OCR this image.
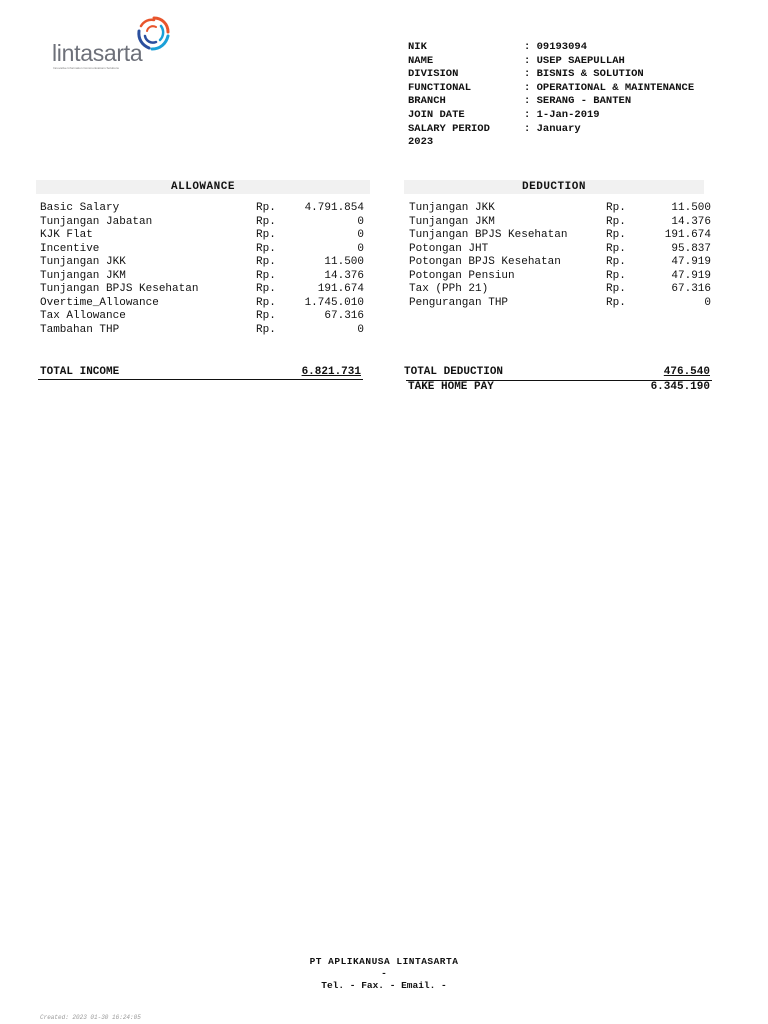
lintasarta
Innovative Information Communications Solutions
NIK	: 09193094
NAME	: USEP SAEPULLAH
DIVISION	: BISNIS & SOLUTION
FUNCTIONAL	: OPERATIONAL & MAINTENANCE
BRANCH	: SERANG - BANTEN
JOIN DATE	: 1-Jan-2019
SALARY PERIOD	: January
2023
ALLOWANCE	DEDUCTION
Basic Salary	Rp.	4.791.854
Tunjangan Jabatan	Rp.	0
KJK Flat	Rp.	0
Incentive	Rp.	0
Tunjangan JKK	Rp.	11.500
Tunjangan JKM	Rp.	14.376
Tunjangan BPJS Kesehatan	Rp.	191.674
Overtime_Allowance	Rp.	1.745.010
Tax Allowance	Rp.	67.316
Tambahan THP	Rp.	0
Tunjangan JKK	Rp.	11.500
Tunjangan JKM	Rp.	14.376
Tunjangan BPJS Kesehatan	Rp.	191.674
Potongan JHT	Rp.	95.837
Potongan BPJS Kesehatan	Rp.	47.919
Potongan Pensiun	Rp.	47.919
Tax (PPh 21)	Rp.	67.316
Pengurangan THP	Rp.	0
TOTAL INCOME	6.821.731	TOTAL DEDUCTION	476.540
TAKE HOME PAY	6.345.190
PT APLIKANUSA LINTASARTA
-
Tel. - Fax. - Email. -
Created: 2023 01-30 16:24:05
